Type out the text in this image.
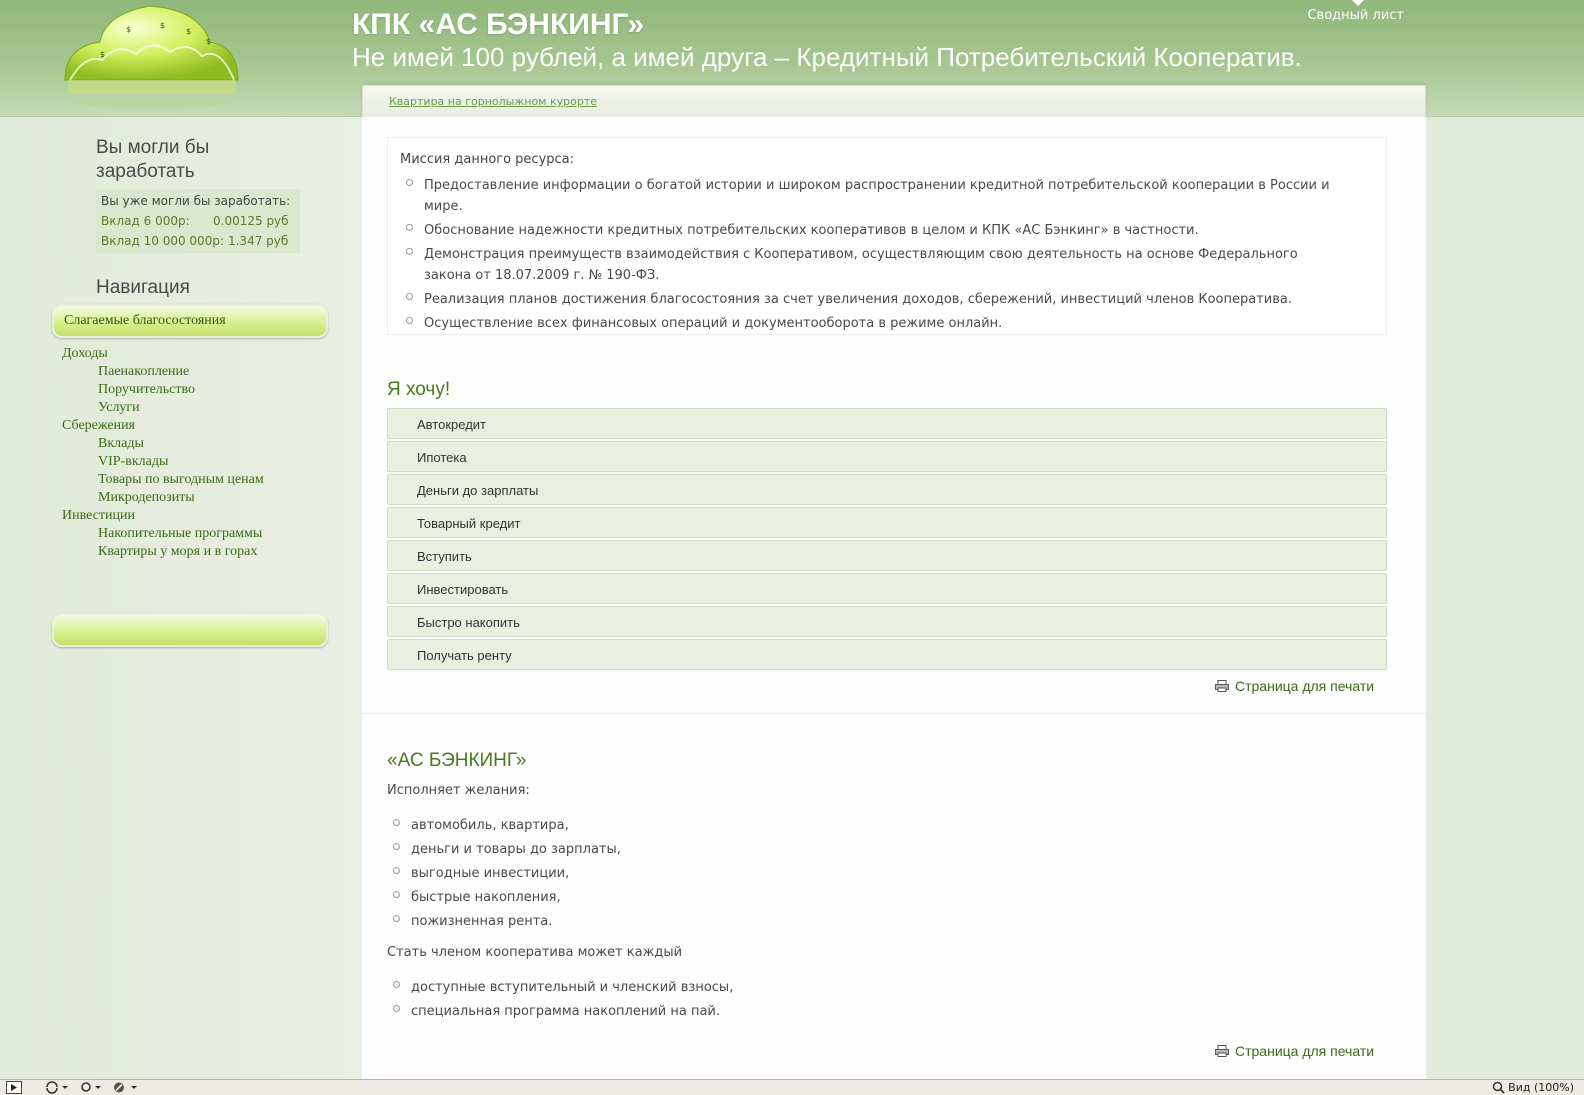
$
$	$
$
$
КПК «АС БЭНКИНГ»
Не имей 100 рублей, а имей друга – Кредитный Потребительский Кооператив.
Сводный лист
Вы могли бы заработать
Вы уже могли бы заработать:
Вклад 6 000р:	0.00125 руб
Вклад 10 000 000р: 1.347 руб
Навигация
Слагаемые благосостояния
Доходы
Паенакопление
Поручительство
Услуги
Сбережения
Вклады
VIP-вклады
Товары по выгодным ценам
Микродепозиты
Инвестиции
Накопительные программы
Квартиры у моря и в горах
Квартира на горнолыжном курорте
Миссия данного ресурса:
Предоставление информации о богатой истории и широком распространении кредитной потребительской кооперации в России и мире.
Обоснование надежности кредитных потребительских кооперативов в целом и КПК «АС Бэнкинг» в частности.
Демонстрация преимуществ взаимодействия с Кооперативом, осуществляющим свою деятельность на основе Федерального закона от 18.07.2009 г. № 190-ФЗ.
Реализация планов достижения благосостояния за счет увеличения доходов, сбережений, инвестиций членов Кооператива.
Осуществление всех финансовых операций и документооборота в режиме онлайн.
Я хочу!
Автокредит
Ипотека
Деньги до зарплаты
Товарный кредит
Вступить
Инвестировать
Быстро накопить
Получать ренту
Страница для печати
«АС БЭНКИНГ»
Исполняет желания:
автомобиль, квартира,
деньги и товары до зарплаты,
выгодные инвестиции,
быстрые накопления,
пожизненная рента.
Стать членом кооператива может каждый
доступные вступительный и членский взносы,
специальная программа накоплений на пай.
Страница для печати
Вид (100%)
